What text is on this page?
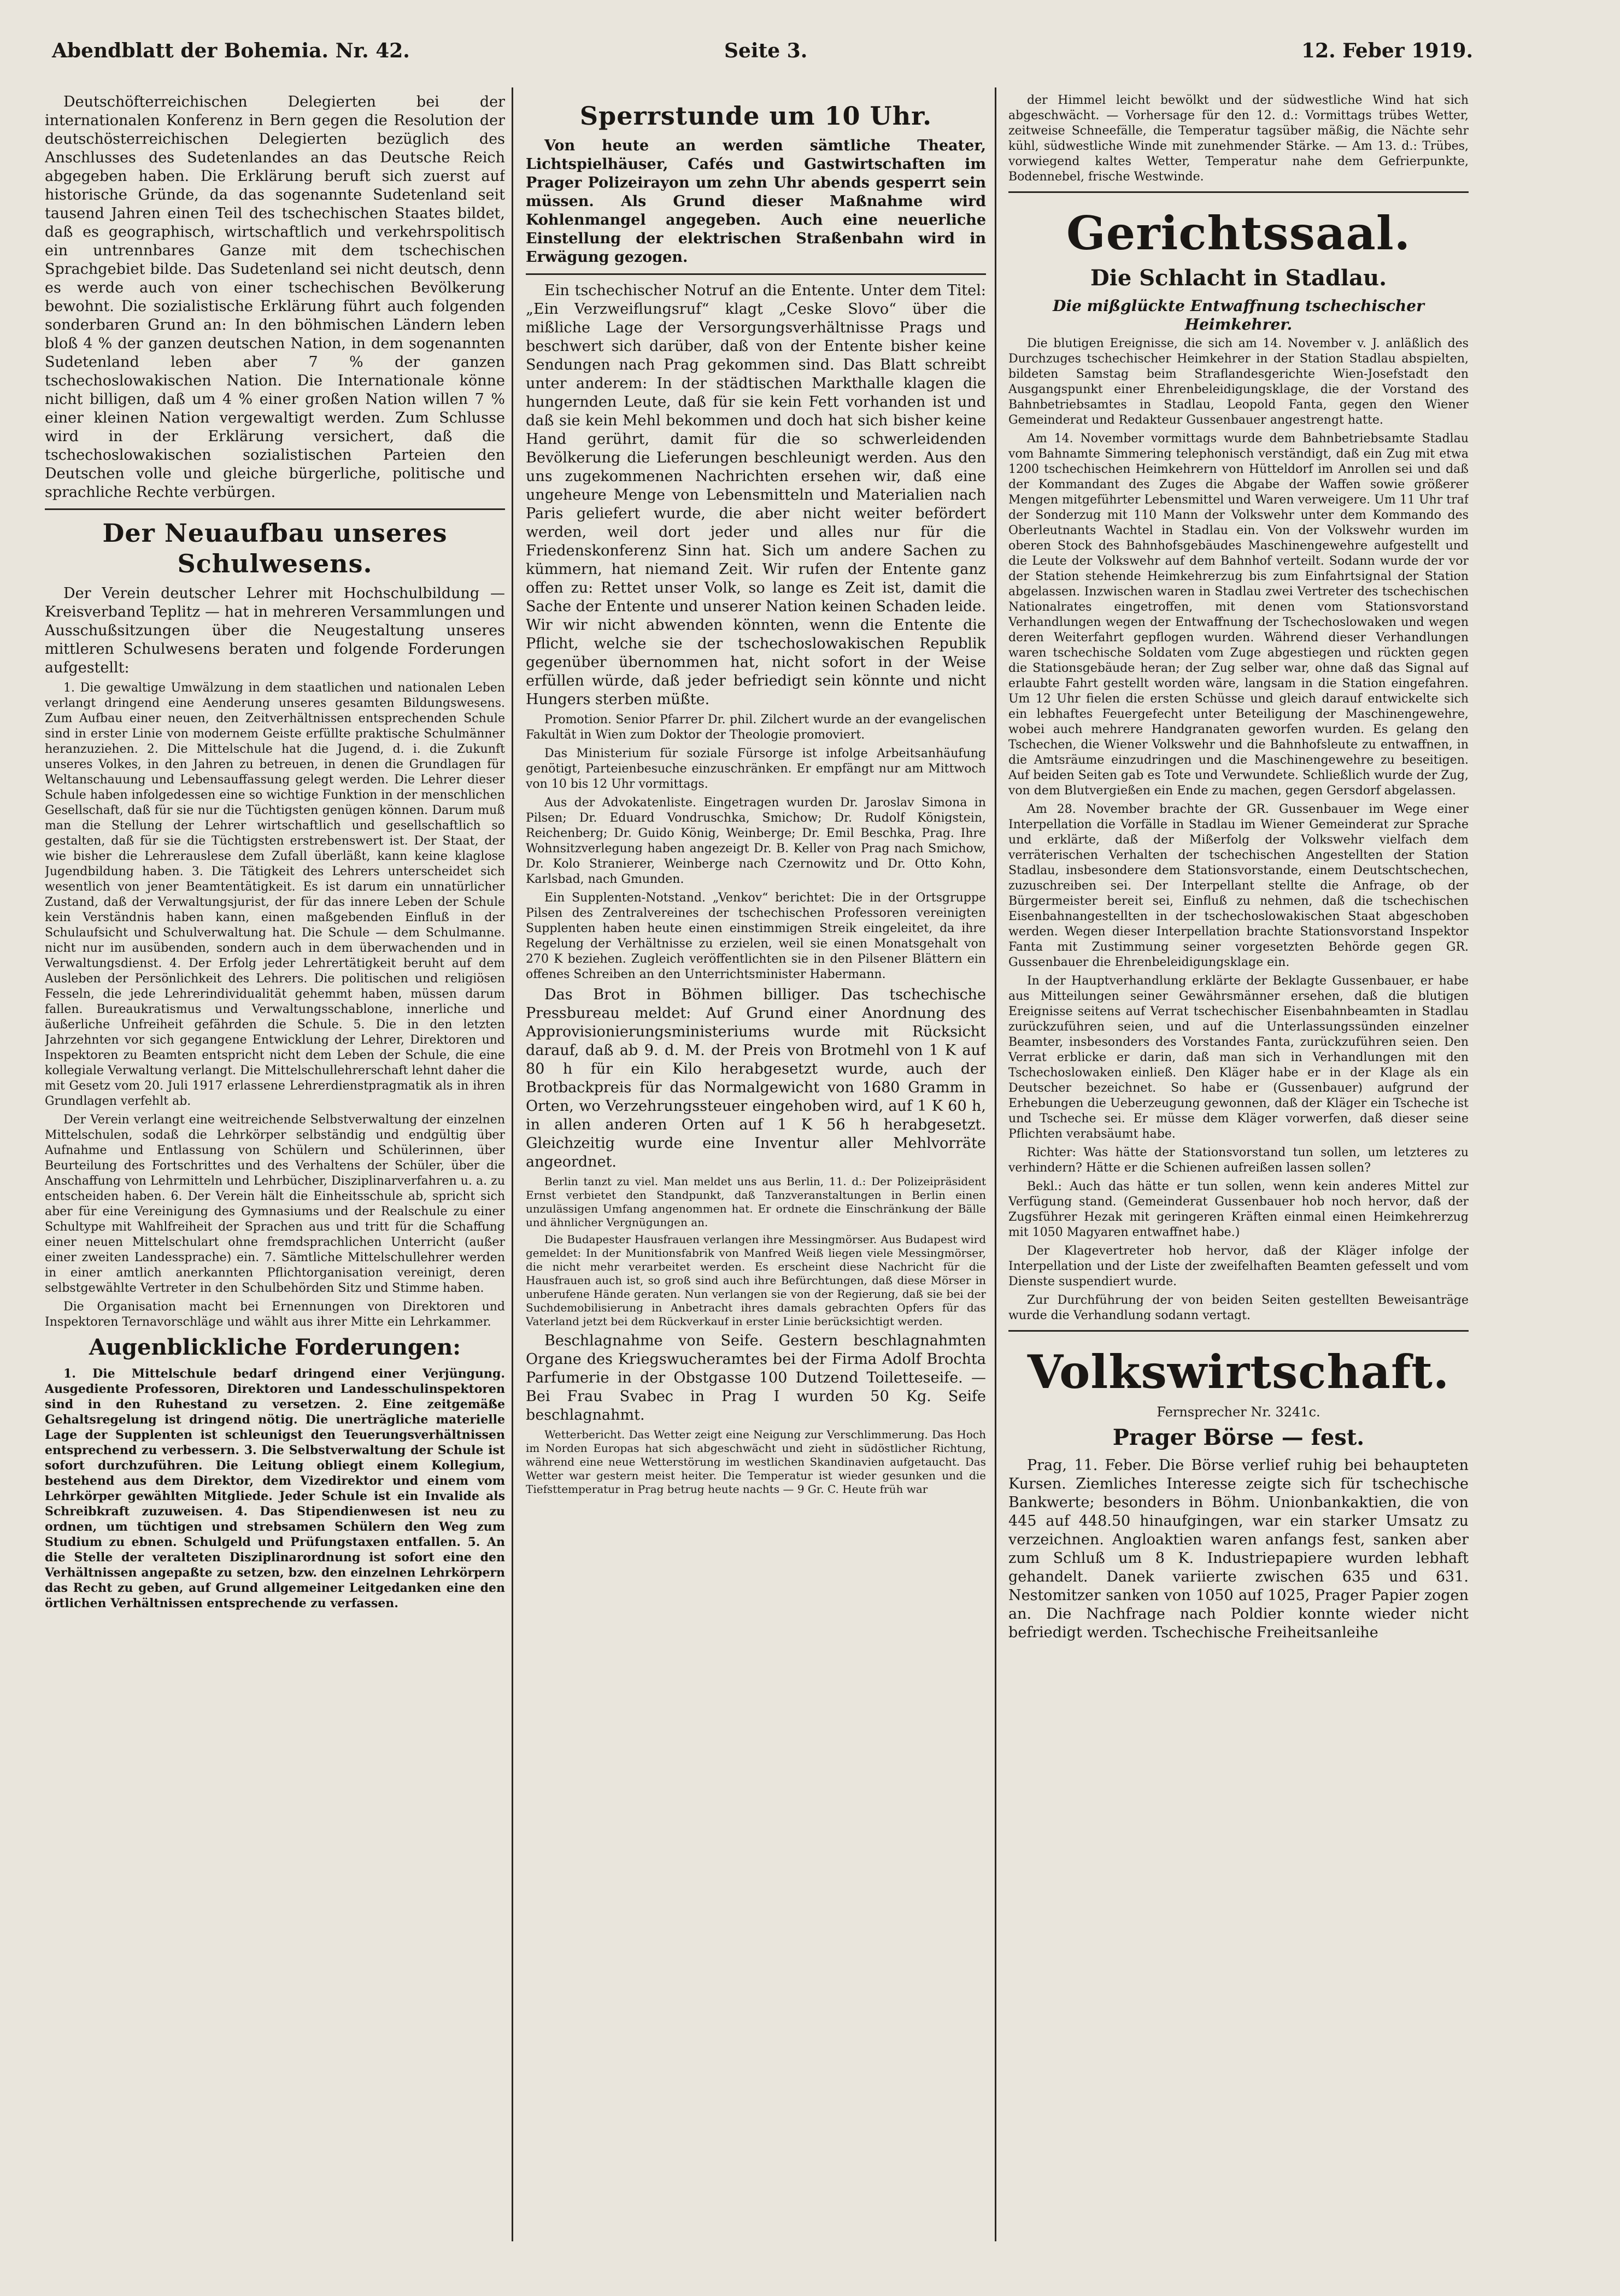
Abendblatt der Bohemia. Nr. 42.	Seite 3.	12. Feber 1919.

Deutschöfterreichischen Delegierten bei der internationalen Konferenz in Bern gegen die Resolution der deutschösterreichischen Delegierten bezüglich des Anschlusses des Sudetenlandes an das Deutsche Reich abgegeben haben. Die Erklärung beruft sich zuerst auf historische Gründe, da das sogenannte Sudetenland seit tausend Jahren einen Teil des tschechischen Staates bildet, daß es geographisch, wirtschaftlich und verkehrspolitisch ein untrennbares Ganze mit dem tschechischen Sprachgebiet bilde. Das Sudetenland sei nicht deutsch, denn es werde auch von einer tschechischen Bevölkerung bewohnt. Die sozialistische Erklärung führt auch folgenden sonderbaren Grund an: In den böhmischen Ländern leben bloß 4 % der ganzen deutschen Nation, in dem sogenannten Sudetenland leben aber 7 % der ganzen tschechoslowakischen Nation. Die Internationale könne nicht billigen, daß um 4 % einer großen Nation willen 7 % einer kleinen Nation vergewaltigt werden. Zum Schlusse wird in der Erklärung versichert, daß die tschechoslowakischen sozialistischen Parteien den Deutschen volle und gleiche bürgerliche, politische und sprachliche Rechte verbürgen.

Der Neuaufbau unseres Schulwesens.

Der Verein deutscher Lehrer mit Hochschulbildung — Kreisverband Teplitz — hat in mehreren Versammlungen und Ausschußsitzungen über die Neugestaltung unseres mittleren Schulwesens beraten und folgende Forderungen aufgestellt:

1. Die gewaltige Umwälzung in dem staatlichen und nationalen Leben verlangt dringend eine Aenderung unseres gesamten Bildungswesens. Zum Aufbau einer neuen, den Zeitverhältnissen entsprechenden Schule sind in erster Linie von modernem Geiste erfüllte praktische Schulmänner heranzuziehen. 2. Die Mittelschule hat die Jugend, d. i. die Zukunft unseres Volkes, in den Jahren zu betreuen, in denen die Grundlagen für Weltanschauung und Lebensauffassung gelegt werden. Die Lehrer dieser Schule haben infolgedessen eine so wichtige Funktion in der menschlichen Gesellschaft, daß für sie nur die Tüchtigsten genügen können. Darum muß man die Stellung der Lehrer wirtschaftlich und gesellschaftlich so gestalten, daß für sie die Tüchtigsten erstrebenswert ist. Der Staat, der wie bisher die Lehrerauslese dem Zufall überläßt, kann keine klaglose Jugendbildung haben. 3. Die Tätigkeit des Lehrers unterscheidet sich wesentlich von jener Beamtentätigkeit. Es ist darum ein unnatürlicher Zustand, daß der Verwaltungsjurist, der für das innere Leben der Schule kein Verständnis haben kann, einen maßgebenden Einfluß in der Schulaufsicht und Schulverwaltung hat. Die Schule — dem Schulmanne. nicht nur im ausübenden, sondern auch in dem überwachenden und in Verwaltungsdienst. 4. Der Erfolg jeder Lehrertätigkeit beruht auf dem Ausleben der Persönlichkeit des Lehrers. Die politischen und religiösen Fesseln, die jede Lehrerindividualität gehemmt haben, müssen darum fallen. Bureaukratismus und Verwaltungsschablone, innerliche und äußerliche Unfreiheit gefährden die Schule. 5. Die in den letzten Jahrzehnten vor sich gegangene Entwicklung der Lehrer, Direktoren und Inspektoren zu Beamten entspricht nicht dem Leben der Schule, die eine kollegiale Verwaltung verlangt. Die Mittelschullehrerschaft lehnt daher die mit Gesetz vom 20. Juli 1917 erlassene Lehrerdienstpragmatik als in ihren Grundlagen verfehlt ab.

Der Verein verlangt eine weitreichende Selbstverwaltung der einzelnen Mittelschulen, sodaß die Lehrkörper selbständig und endgültig über Aufnahme und Entlassung von Schülern und Schülerinnen, über Beurteilung des Fortschrittes und des Verhaltens der Schüler, über die Anschaffung von Lehrmitteln und Lehrbücher, Disziplinarverfahren u. a. zu entscheiden haben. 6. Der Verein hält die Einheitsschule ab, spricht sich aber für eine Vereinigung des Gymnasiums und der Realschule zu einer Schultype mit Wahlfreiheit der Sprachen aus und tritt für die Schaffung einer neuen Mittelschulart ohne fremdsprachlichen Unterricht (außer einer zweiten Landessprache) ein. 7. Sämtliche Mittelschullehrer werden in einer amtlich anerkannten Pflichtorganisation vereinigt, deren selbstgewählte Vertreter in den Schulbehörden Sitz und Stimme haben.

Die Organisation macht bei Ernennungen von Direktoren und Inspektoren Ternavorschläge und wählt aus ihrer Mitte ein Lehrkammer.

Augenblickliche Forderungen:

1. Die Mittelschule bedarf dringend einer Verjüngung. Ausgediente Professoren, Direktoren und Landesschulinspektoren sind in den Ruhestand zu versetzen. 2. Eine zeitgemäße Gehaltsregelung ist dringend nötig. Die unerträgliche materielle Lage der Supplenten ist schleunigst den Teuerungsverhältnissen entsprechend zu verbessern. 3. Die Selbstverwaltung der Schule ist sofort durchzuführen. Die Leitung obliegt einem Kollegium, bestehend aus dem Direktor, dem Vizedirektor und einem vom Lehrkörper gewählten Mitgliede. Jeder Schule ist ein Invalide als Schreibkraft zuzuweisen. 4. Das Stipendienwesen ist neu zu ordnen, um tüchtigen und strebsamen Schülern den Weg zum Studium zu ebnen. Schulgeld und Prüfungstaxen entfallen. 5. An die Stelle der veralteten Disziplinarordnung ist sofort eine den Verhältnissen angepaßte zu setzen, bzw. den einzelnen Lehrkörpern das Recht zu geben, auf Grund allgemeiner Leitgedanken eine den örtlichen Verhältnissen entsprechende zu verfassen.

Sperrstunde um 10 Uhr.

Von heute an werden sämtliche Theater, Lichtspielhäuser, Cafés und Gastwirtschaften im Prager Polizeirayon um zehn Uhr abends gesperrt sein müssen. Als Grund dieser Maßnahme wird Kohlenmangel angegeben. Auch eine neuerliche Einstellung der elektrischen Straßenbahn wird in Erwägung gezogen.

Ein tschechischer Notruf an die Entente. Unter dem Titel: „Ein Verzweiflungsruf“ klagt „Ceske Slovo“ über die mißliche Lage der Versorgungsverhältnisse Prags und beschwert sich darüber, daß von der Entente bisher keine Sendungen nach Prag gekommen sind. Das Blatt schreibt unter anderem: In der städtischen Markthalle klagen die hungernden Leute, daß für sie kein Fett vorhanden ist und daß sie kein Mehl bekommen und doch hat sich bisher keine Hand gerührt, damit für die so schwerleidenden Bevölkerung die Lieferungen beschleunigt werden. Aus den uns zugekommenen Nachrichten ersehen wir, daß eine ungeheure Menge von Lebensmitteln und Materialien nach Paris geliefert wurde, die aber nicht weiter befördert werden, weil dort jeder und alles nur für die Friedenskonferenz Sinn hat. Sich um andere Sachen zu kümmern, hat niemand Zeit. Wir rufen der Entente ganz offen zu: Rettet unser Volk, so lange es Zeit ist, damit die Sache der Entente und unserer Nation keinen Schaden leide. Wir wir nicht abwenden könnten, wenn die Entente die Pflicht, welche sie der tschechoslowakischen Republik gegenüber übernommen hat, nicht sofort in der Weise erfüllen würde, daß jeder befriedigt sein könnte und nicht Hungers sterben müßte.

Promotion. Senior Pfarrer Dr. phil. Zilchert wurde an der evangelischen Fakultät in Wien zum Doktor der Theologie promoviert.

Das Ministerium für soziale Fürsorge ist infolge Arbeitsanhäufung genötigt, Parteienbesuche einzuschränken. Er empfängt nur am Mittwoch von 10 bis 12 Uhr vormittags.

Aus der Advokatenliste. Eingetragen wurden Dr. Jaroslav Simona in Pilsen; Dr. Eduard Vondruschka, Smichow; Dr. Rudolf Königstein, Reichenberg; Dr. Guido König, Weinberge; Dr. Emil Beschka, Prag. Ihre Wohnsitzverlegung haben angezeigt Dr. B. Keller von Prag nach Smichow, Dr. Kolo Stranierer, Weinberge nach Czernowitz und Dr. Otto Kohn, Karlsbad, nach Gmunden.

Ein Supplenten-Notstand. „Venkov“ berichtet: Die in der Ortsgruppe Pilsen des Zentralvereines der tschechischen Professoren vereinigten Supplenten haben heute einen einstimmigen Streik eingeleitet, da ihre Regelung der Verhältnisse zu erzielen, weil sie einen Monatsgehalt von 270 K beziehen. Zugleich veröffentlichten sie in den Pilsener Blättern ein offenes Schreiben an den Unterrichtsminister Habermann.

Das Brot in Böhmen billiger. Das tschechische Pressbureau meldet: Auf Grund einer Anordnung des Approvisionierungsministeriums wurde mit Rücksicht darauf, daß ab 9. d. M. der Preis von Brotmehl von 1 K auf 80 h für ein Kilo herabgesetzt wurde, auch der Brotbackpreis für das Normalgewicht von 1680 Gramm in Orten, wo Verzehrungssteuer eingehoben wird, auf 1 K 60 h, in allen anderen Orten auf 1 K 56 h herabgesetzt. Gleichzeitig wurde eine Inventur aller Mehlvorräte angeordnet.

Berlin tanzt zu viel. Man meldet uns aus Berlin, 11. d.: Der Polizeipräsident Ernst verbietet den Standpunkt, daß Tanzveranstaltungen in Berlin einen unzulässigen Umfang angenommen hat. Er ordnete die Einschränkung der Bälle und ähnlicher Vergnügungen an.

Die Budapester Hausfrauen verlangen ihre Messingmörser. Aus Budapest wird gemeldet: In der Munitionsfabrik von Manfred Weiß liegen viele Messingmörser, die nicht mehr verarbeitet werden. Es erscheint diese Nachricht für die Hausfrauen auch ist, so groß sind auch ihre Befürchtungen, daß diese Mörser in unberufene Hände geraten. Nun verlangen sie von der Regierung, daß sie bei der Suchdemobilisierung in Anbetracht ihres damals gebrachten Opfers für das Vaterland jetzt bei dem Rückverkauf in erster Linie berücksichtigt werden.

Beschlagnahme von Seife. Gestern beschlagnahmten Organe des Kriegswucheramtes bei der Firma Adolf Brochta Parfumerie in der Obstgasse 100 Dutzend Toiletteseife. — Bei Frau Svabec in Prag I wurden 50 Kg. Seife beschlagnahmt.

Wetterbericht. Das Wetter zeigt eine Neigung zur Verschlimmerung. Das Hoch im Norden Europas hat sich abgeschwächt und zieht in südöstlicher Richtung, während eine neue Wetterstörung im westlichen Skandinavien aufgetaucht. Das Wetter war gestern meist heiter. Die Temperatur ist wieder gesunken und die Tiefsttemperatur in Prag betrug heute nachts — 9 Gr. C. Heute früh war

der Himmel leicht bewölkt und der südwestliche Wind hat sich abgeschwächt. — Vorhersage für den 12. d.: Vormittags trübes Wetter, zeitweise Schneefälle, die Temperatur tagsüber mäßig, die Nächte sehr kühl, südwestliche Winde mit zunehmender Stärke. — Am 13. d.: Trübes, vorwiegend kaltes Wetter, Temperatur nahe dem Gefrierpunkte, Bodennebel, frische Westwinde.

Gerichtssaal.
Die Schlacht in Stadlau.
Die mißglückte Entwaffnung tschechischer Heimkehrer.

Die blutigen Ereignisse, die sich am 14. November v. J. anläßlich des Durchzuges tschechischer Heimkehrer in der Station Stadlau abspielten, bildeten Samstag beim Straflandesgerichte Wien-Josefstadt den Ausgangspunkt einer Ehrenbeleidigungsklage, die der Vorstand des Bahnbetriebsamtes in Stadlau, Leopold Fanta, gegen den Wiener Gemeinderat und Redakteur Gussenbauer angestrengt hatte.

Am 14. November vormittags wurde dem Bahnbetriebsamte Stadlau vom Bahnamte Simmering telephonisch verständigt, daß ein Zug mit etwa 1200 tschechischen Heimkehrern von Hütteldorf im Anrollen sei und daß der Kommandant des Zuges die Abgabe der Waffen sowie größerer Mengen mitgeführter Lebensmittel und Waren verweigere. Um 11 Uhr traf der Sonderzug mit 110 Mann der Volkswehr unter dem Kommando des Oberleutnants Wachtel in Stadlau ein. Von der Volkswehr wurden im oberen Stock des Bahnhofsgebäudes Maschinengewehre aufgestellt und die Leute der Volkswehr auf dem Bahnhof verteilt. Sodann wurde der vor der Station stehende Heimkehrerzug bis zum Einfahrtsignal der Station abgelassen. Inzwischen waren in Stadlau zwei Vertreter des tschechischen Nationalrates eingetroffen, mit denen vom Stationsvorstand Verhandlungen wegen der Entwaffnung der Tschechoslowaken und wegen deren Weiterfahrt gepflogen wurden. Während dieser Verhandlungen waren tschechische Soldaten vom Zuge abgestiegen und rückten gegen die Stationsgebäude heran; der Zug selber war, ohne daß das Signal auf erlaubte Fahrt gestellt worden wäre, langsam in die Station eingefahren. Um 12 Uhr fielen die ersten Schüsse und gleich darauf entwickelte sich ein lebhaftes Feuergefecht unter Beteiligung der Maschinengewehre, wobei auch mehrere Handgranaten geworfen wurden. Es gelang den Tschechen, die Wiener Volkswehr und die Bahnhofsleute zu entwaffnen, in die Amtsräume einzudringen und die Maschinengewehre zu beseitigen. Auf beiden Seiten gab es Tote und Verwundete. Schließlich wurde der Zug, von dem Blutvergießen ein Ende zu machen, gegen Gersdorf abgelassen.

Am 28. November brachte der GR. Gussenbauer im Wege einer Interpellation die Vorfälle in Stadlau im Wiener Gemeinderat zur Sprache und erklärte, daß der Mißerfolg der Volkswehr vielfach dem verräterischen Verhalten der tschechischen Angestellten der Station Stadlau, insbesondere dem Stationsvorstande, einem Deutschtschechen, zuzuschreiben sei. Der Interpellant stellte die Anfrage, ob der Bürgermeister bereit sei, Einfluß zu nehmen, daß die tschechischen Eisenbahnangestellten in der tschechoslowakischen Staat abgeschoben werden. Wegen dieser Interpellation brachte Stationsvorstand Inspektor Fanta mit Zustimmung seiner vorgesetzten Behörde gegen GR. Gussenbauer die Ehrenbeleidigungsklage ein.

In der Hauptverhandlung erklärte der Beklagte Gussenbauer, er habe aus Mitteilungen seiner Gewährsmänner ersehen, daß die blutigen Ereignisse seitens auf Verrat tschechischer Eisenbahnbeamten in Stadlau zurückzuführen seien, und auf die Unterlassungssünden einzelner Beamter, insbesonders des Vorstandes Fanta, zurückzuführen seien. Den Verrat erblicke er darin, daß man sich in Verhandlungen mit den Tschechoslowaken einließ. Den Kläger habe er in der Klage als ein Deutscher bezeichnet. So habe er (Gussenbauer) aufgrund der Erhebungen die Ueberzeugung gewonnen, daß der Kläger ein Tscheche ist und Tscheche sei. Er müsse dem Kläger vorwerfen, daß dieser seine Pflichten verabsäumt habe.

Richter: Was hätte der Stationsvorstand tun sollen, um letzteres zu verhindern? Hätte er die Schienen aufreißen lassen sollen?

Bekl.: Auch das hätte er tun sollen, wenn kein anderes Mittel zur Verfügung stand. (Gemeinderat Gussenbauer hob noch hervor, daß der Zugsführer Hezak mit geringeren Kräften einmal einen Heimkehrerzug mit 1050 Magyaren entwaffnet habe.)

Der Klagevertreter hob hervor, daß der Kläger infolge der Interpellation und der Liste der zweifelhaften Beamten gefesselt und vom Dienste suspendiert wurde.

Zur Durchführung der von beiden Seiten gestellten Beweisanträge wurde die Verhandlung sodann vertagt.

Volkswirtschaft.
Fernsprecher Nr. 3241c.
Prager Börse — fest.

Prag, 11. Feber. Die Börse verlief ruhig bei behaupteten Kursen. Ziemliches Interesse zeigte sich für tschechische Bankwerte; besonders in Böhm. Unionbankaktien, die von 445 auf 448.50 hinaufgingen, war ein starker Umsatz zu verzeichnen. Angloaktien waren anfangs fest, sanken aber zum Schluß um 8 K. Industriepapiere wurden lebhaft gehandelt. Danek variierte zwischen 635 und 631. Nestomitzer sanken von 1050 auf 1025, Prager Papier zogen an. Die Nachfrage nach Poldier konnte wieder nicht befriedigt werden. Tschechische Freiheitsanleihe
